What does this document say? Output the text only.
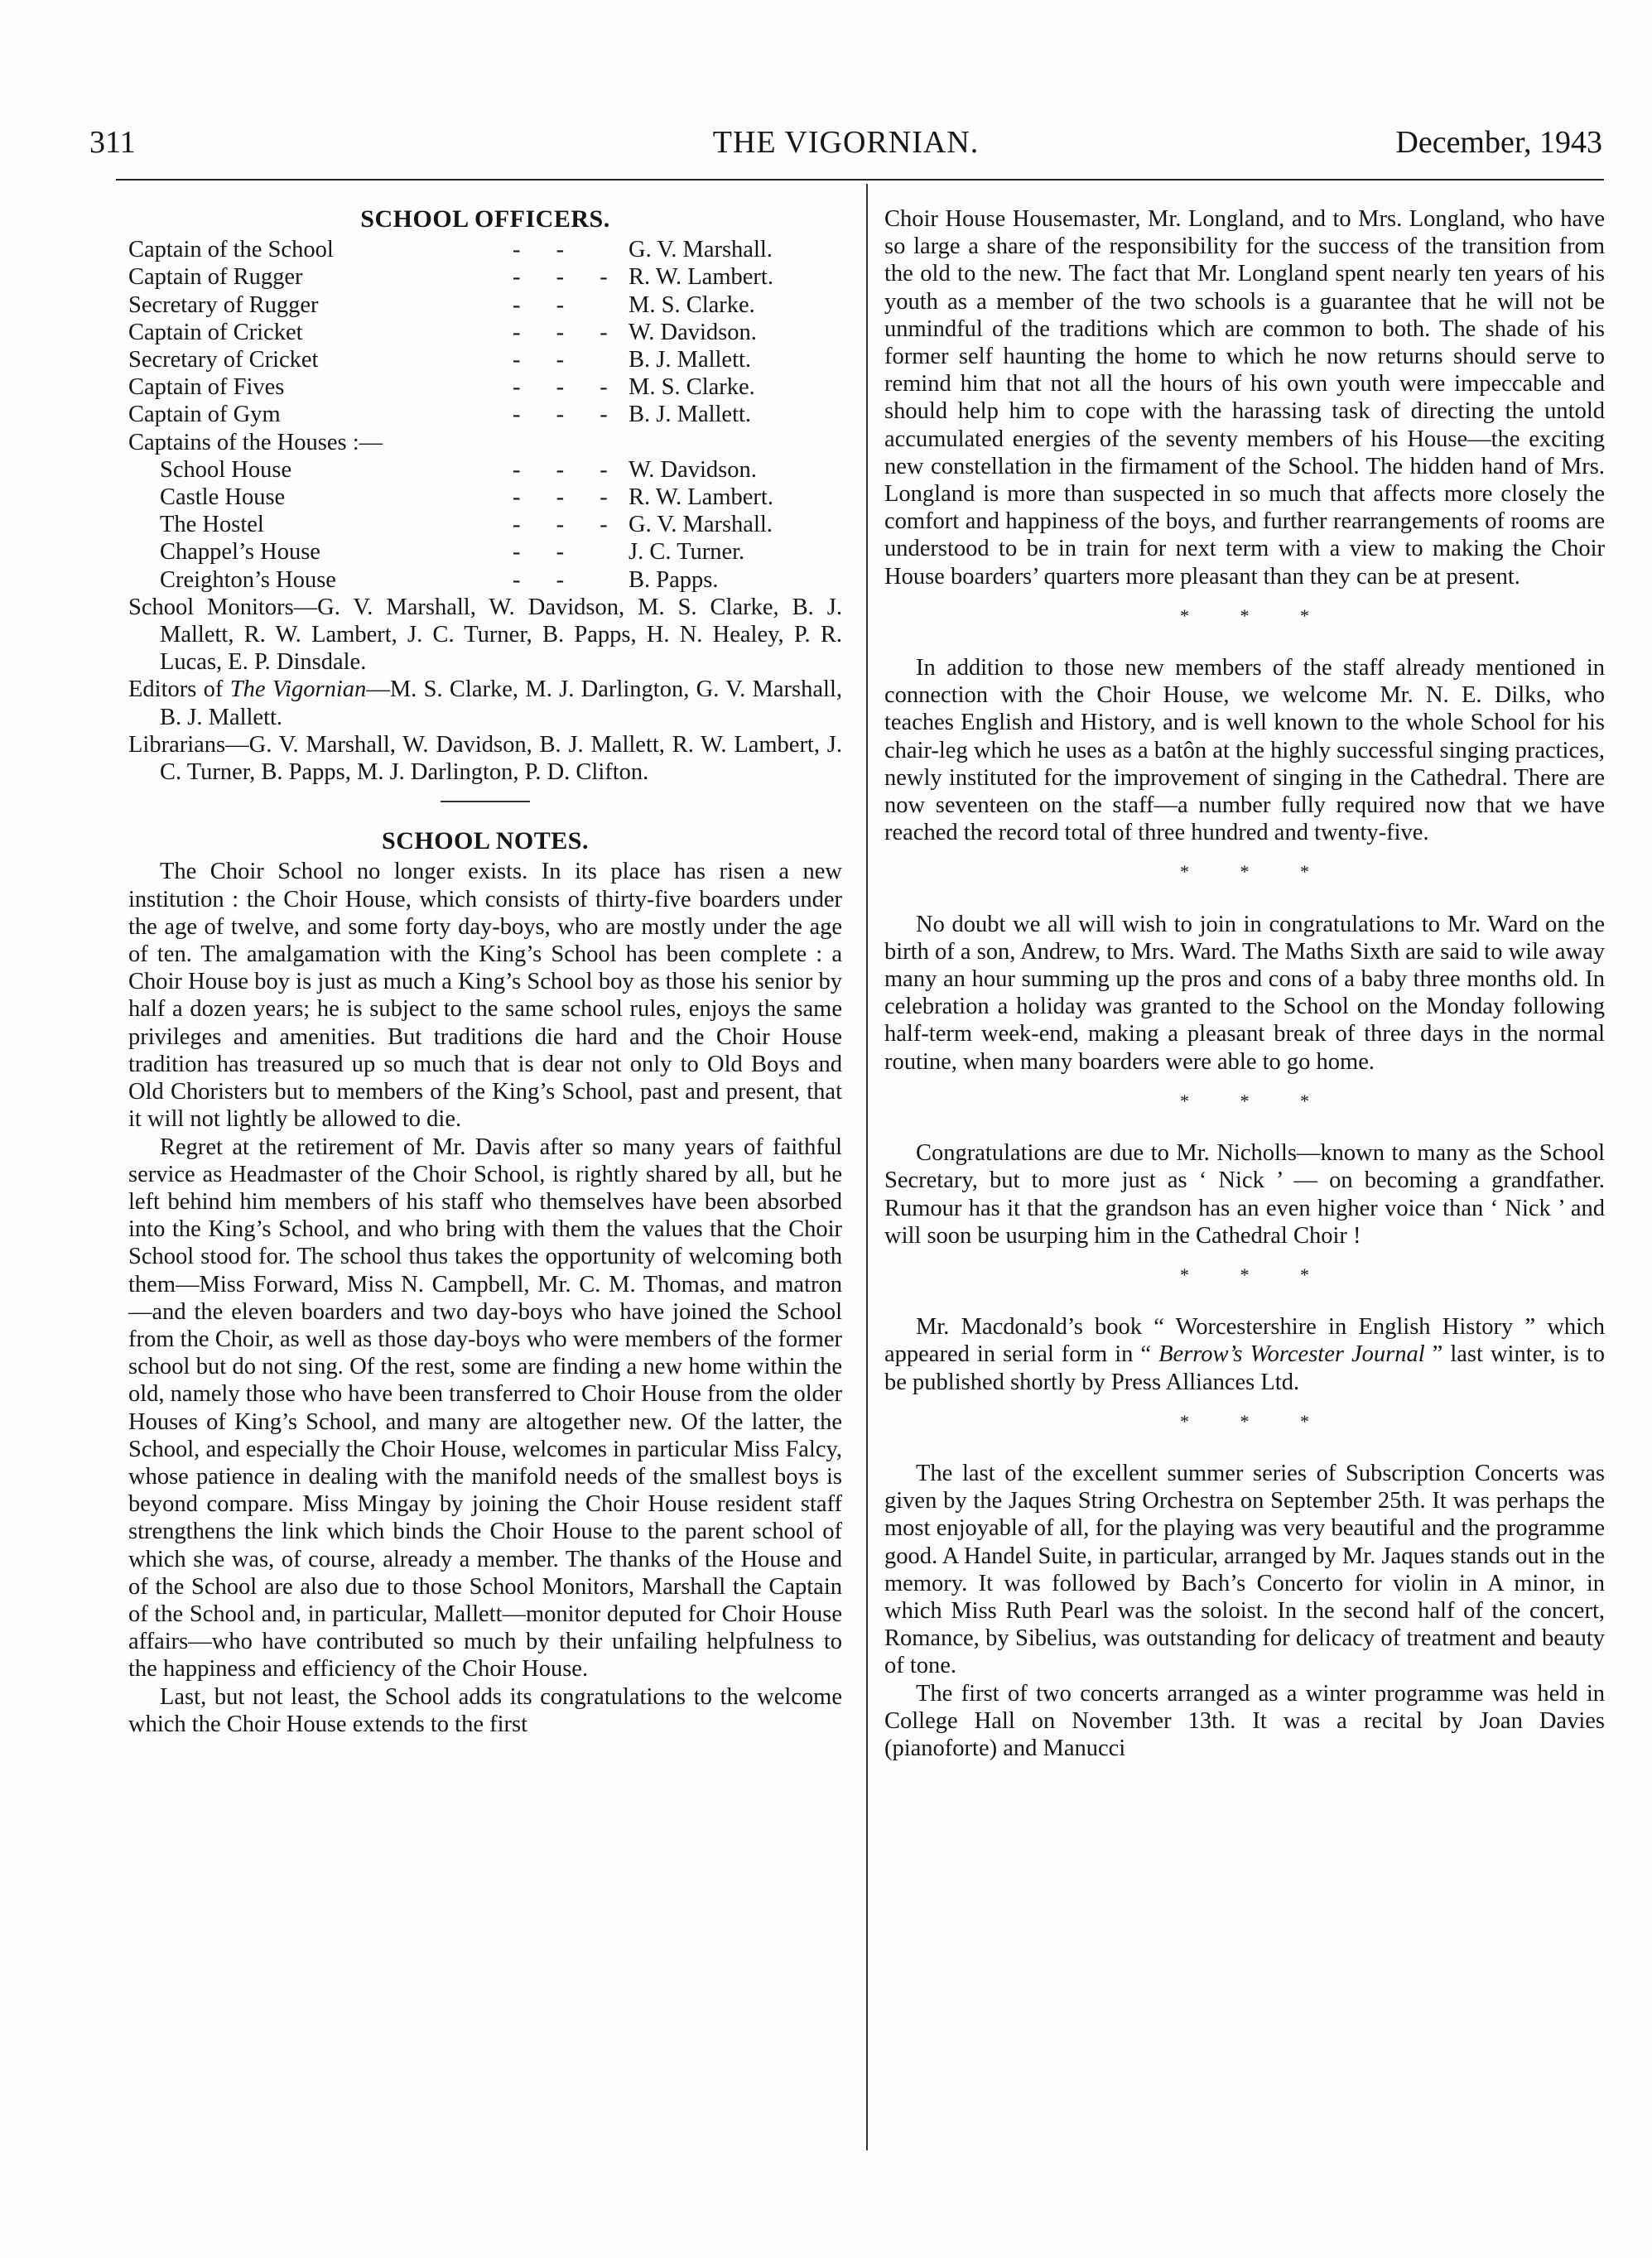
311	THE VIGORNIAN.	December, 1943
SCHOOL OFFICERS.
Captain of the School	- -	G. V. Marshall.
Captain of Rugger	- - -	R. W. Lambert.
Secretary of Rugger	- -	M. S. Clarke.
Captain of Cricket	- - -	W. Davidson.
Secretary of Cricket	- -	B. J. Mallett.
Captain of Fives	- - -	M. S. Clarke.
Captain of Gym	- - -	B. J. Mallett.
Captains of the Houses :—		
School House	- - -	W. Davidson.
Castle House	- - -	R. W. Lambert.
The Hostel	- - -	G. V. Marshall.
Chappel’s House	- -	J. C. Turner.
Creighton’s House	- -	B. Papps.

School Monitors—G. V. Marshall, W. Davidson, M. S. Clarke, B. J. Mallett, R. W. Lambert, J. C. Turner, B. Papps, H. N. Healey, P. R. Lucas, E. P. Dinsdale.

Editors of The Vigornian—M. S. Clarke, M. J. Darlington, G. V. Marshall, B. J. Mallett.

Librarians—G. V. Marshall, W. Davidson, B. J. Mallett, R. W. Lambert, J. C. Turner, B. Papps, M. J. Darlington, P. D. Clifton.

SCHOOL NOTES.

The Choir School no longer exists. In its place has risen a new institution : the Choir House, which consists of thirty-five boarders under the age of twelve, and some forty day-boys, who are mostly under the age of ten. The amalgamation with the King’s School has been complete : a Choir House boy is just as much a King’s School boy as those his senior by half a dozen years; he is subject to the same school rules, enjoys the same privileges and amenities. But traditions die hard and the Choir House tradition has treasured up so much that is dear not only to Old Boys and Old Choristers but to members of the King’s School, past and present, that it will not lightly be allowed to die.

Regret at the retirement of Mr. Davis after so many years of faithful service as Headmaster of the Choir School, is rightly shared by all, but he left behind him members of his staff who themselves have been absorbed into the King’s School, and who bring with them the values that the Choir School stood for. The school thus takes the opportunity of welcoming both them—Miss Forward, Miss N. Campbell, Mr. C. M. Thomas, and matron—and the eleven boarders and two day-boys who have joined the School from the Choir, as well as those day-boys who were members of the former school but do not sing. Of the rest, some are finding a new home within the old, namely those who have been transferred to Choir House from the older Houses of King’s School, and many are altogether new. Of the latter, the School, and especially the Choir House, welcomes in particular Miss Falcy, whose patience in dealing with the manifold needs of the smallest boys is beyond compare. Miss Mingay by joining the Choir House resident staff strengthens the link which binds the Choir House to the parent school of which she was, of course, already a member. The thanks of the House and of the School are also due to those School Monitors, Marshall the Captain of the School and, in particular, Mallett—monitor deputed for Choir House affairs—who have contributed so much by their unfailing helpfulness to the happiness and efficiency of the Choir House.

Last, but not least, the School adds its congratulations to the welcome which the Choir House extends to the first

Choir House Housemaster, Mr. Longland, and to Mrs. Longland, who have so large a share of the responsibility for the success of the transition from the old to the new. The fact that Mr. Longland spent nearly ten years of his youth as a member of the two schools is a guarantee that he will not be unmindful of the traditions which are common to both. The shade of his former self haunting the home to which he now returns should serve to remind him that not all the hours of his own youth were impeccable and should help him to cope with the harassing task of directing the untold accumulated energies of the seventy members of his House—the exciting new constellation in the firmament of the School. The hidden hand of Mrs. Longland is more than suspected in so much that affects more closely the comfort and happiness of the boys, and further rearrangements of rooms are understood to be in train for next term with a view to making the Choir House boarders’ quarters more pleasant than they can be at present.

* * *

In addition to those new members of the staff already mentioned in connection with the Choir House, we welcome Mr. N. E. Dilks, who teaches English and History, and is well known to the whole School for his chair-leg which he uses as a batôn at the highly successful singing practices, newly instituted for the improvement of singing in the Cathedral. There are now seventeen on the staff—a number fully required now that we have reached the record total of three hundred and twenty-five.

* * *

No doubt we all will wish to join in congratulations to Mr. Ward on the birth of a son, Andrew, to Mrs. Ward. The Maths Sixth are said to wile away many an hour summing up the pros and cons of a baby three months old. In celebration a holiday was granted to the School on the Monday following half-term week-end, making a pleasant break of three days in the normal routine, when many boarders were able to go home.

* * *

Congratulations are due to Mr. Nicholls—known to many as the School Secretary, but to more just as ‘ Nick ’ — on becoming a grandfather. Rumour has it that the grandson has an even higher voice than ‘ Nick ’ and will soon be usurping him in the Cathedral Choir !

* * *

Mr. Macdonald’s book “ Worcestershire in English History ” which appeared in serial form in “ Berrow’s Worcester Journal ” last winter, is to be published shortly by Press Alliances Ltd.

* * *

The last of the excellent summer series of Subscription Concerts was given by the Jaques String Orchestra on September 25th. It was perhaps the most enjoyable of all, for the playing was very beautiful and the programme good. A Handel Suite, in particular, arranged by Mr. Jaques stands out in the memory. It was followed by Bach’s Concerto for violin in A minor, in which Miss Ruth Pearl was the soloist. In the second half of the concert, Romance, by Sibelius, was outstanding for delicacy of treatment and beauty of tone.

The first of two concerts arranged as a winter programme was held in College Hall on November 13th. It was a recital by Joan Davies (pianoforte) and Manucci
